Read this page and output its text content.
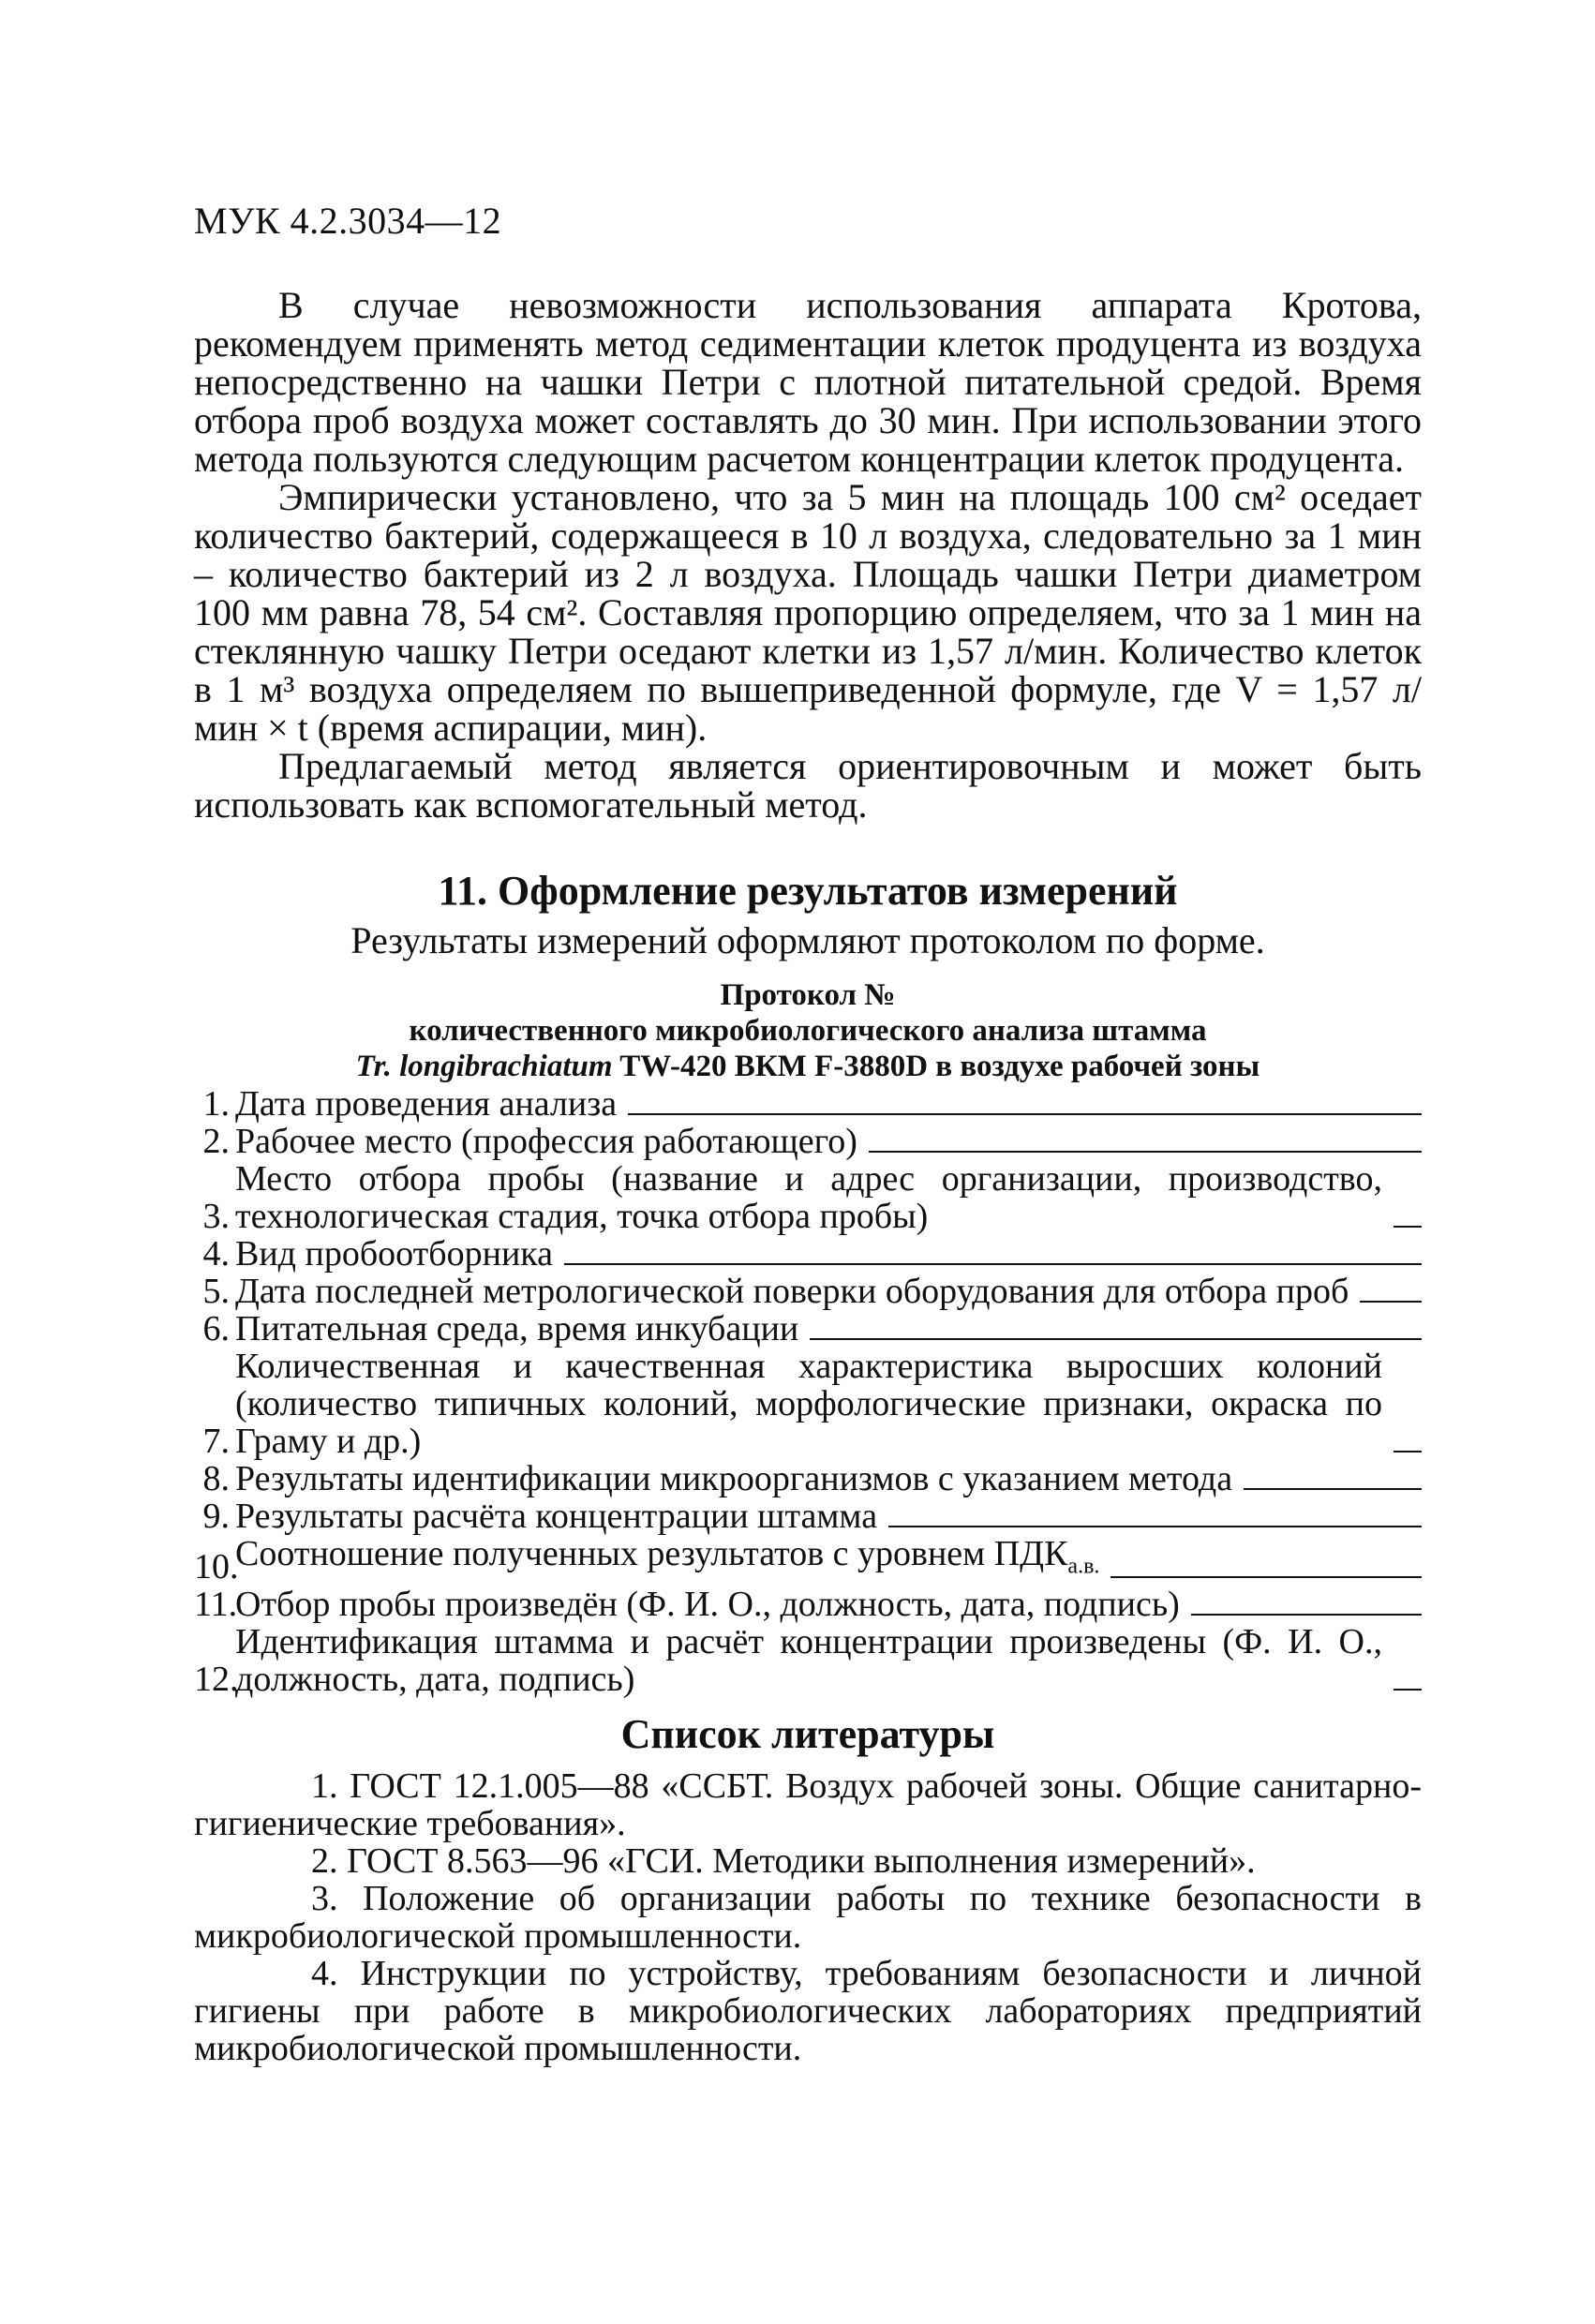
МУК 4.2.3034—12

В случае невозможности использования аппарата Кротова, рекомендуем применять метод седиментации клеток продуцента из воздуха непосредственно на чашки Петри с плотной питательной средой. Время отбора проб воздуха может составлять до 30 мин. При использовании этого метода пользуются следующим расчетом концентрации клеток продуцента.

Эмпирически установлено, что за 5 мин на площадь 100 см² оседает количество бактерий, содержащееся в 10 л воздуха, следовательно за 1 мин – количество бактерий из 2 л воздуха. Площадь чашки Петри диаметром 100 мм равна 78, 54 см². Составляя пропорцию определяем, что за 1 мин на стеклянную чашку Петри оседают клетки из 1,57 л/мин. Количество клеток в 1 м³ воздуха определяем по вышеприведенной формуле, где V = 1,57 л/мин × t (время аспирации, мин).

Предлагаемый метод является ориентировочным и может быть использовать как вспомогательный метод.

11. Оформление результатов измерений
Результаты измерений оформляют протоколом по форме.
Протокол №
количественного микробиологического анализа штамма
Tr. longibrachiatum TW-420 ВКМ F-3880D в воздухе рабочей зоны
1. Дата проведения анализа
2. Рабочее место (профессия работающего)
3.
Место отбора пробы (название и адрес организации, производство, технологическая стадия, точка отбора пробы)
4. Вид пробоотборника
5. Дата последней метрологической поверки оборудования для отбора проб
6. Питательная среда, время инкубации
7.
Количественная и качественная характеристика выросших колоний (количество типичных колоний, морфологические признаки, окраска по Граму и др.)
8. Результаты идентификации микроорганизмов с указанием метода
9. Результаты расчёта концентрации штамма
10.
Соотношение полученных результатов с уровнем $ПДК_{а.в.}$
11.
Отбор пробы произведён (Ф. И. О., должность, дата, подпись)
12.
Идентификация штамма и расчёт концентрации произведены (Ф. И. О., должность, дата, подпись)
Список литературы

1. ГОСТ 12.1.005—88 «ССБТ. Воздух рабочей зоны. Общие санитарно-гигиенические требования».

2. ГОСТ 8.563—96 «ГСИ. Методики выполнения измерений».

3. Положение об организации работы по технике безопасности в микробиологической промышленности.

4. Инструкции по устройству, требованиям безопасности и личной гигиены при работе в микробиологических лабораториях предприятий микробиологической промышленности.
